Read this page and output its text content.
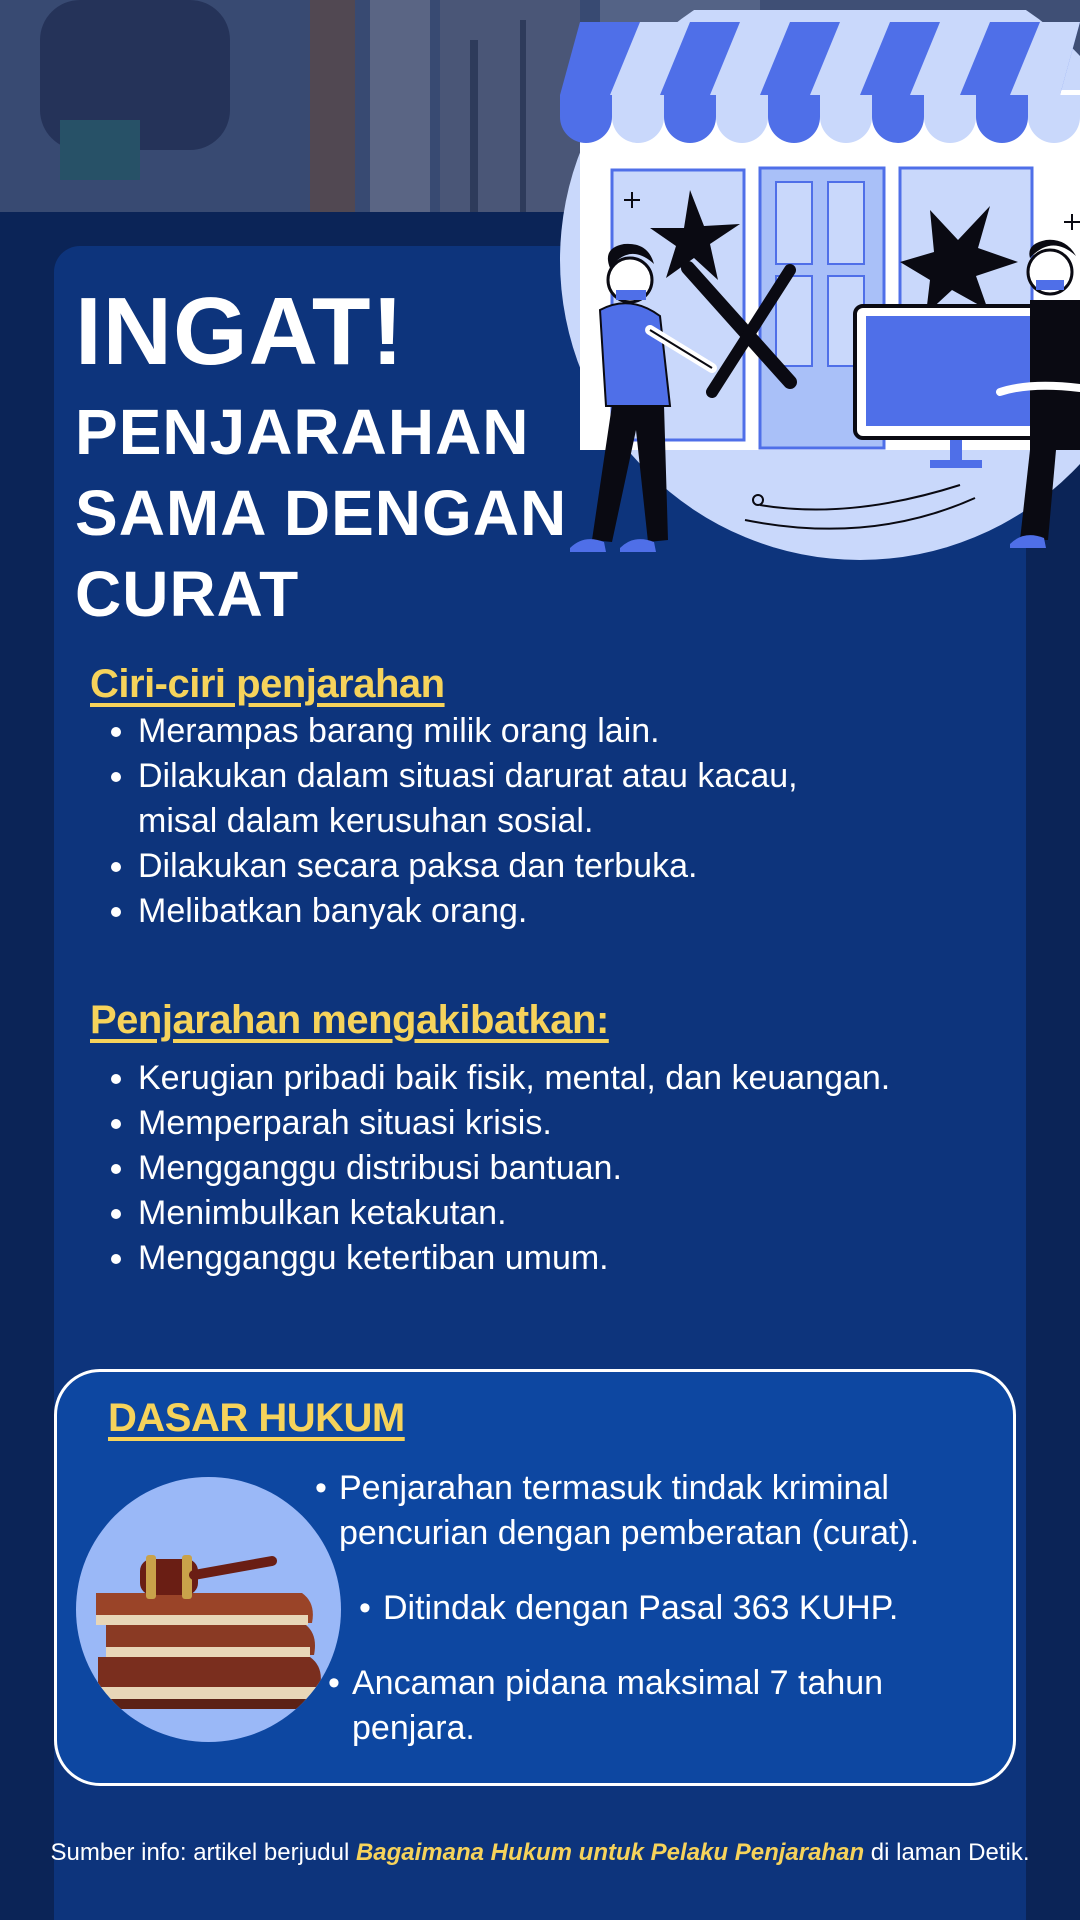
INGAT!
PENJARAHAN
SAMA DENGAN
CURAT
Ciri-ciri penjarahan
• Merampas barang milik orang lain.
• Dilakukan dalam situasi darurat atau kacau, misal dalam kerusuhan sosial.
• Dilakukan secara paksa dan terbuka.
• Melibatkan banyak orang.
Penjarahan mengakibatkan:
• Kerugian pribadi baik fisik, mental, dan keuangan.
• Memperparah situasi krisis.
• Mengganggu distribusi bantuan.
• Menimbulkan ketakutan.
• Mengganggu ketertiban umum.
DASAR HUKUM
• Penjarahan termasuk tindak kriminal pencurian dengan pemberatan (curat).
• Ditindak dengan Pasal 363 KUHP.
• Ancaman pidana maksimal 7 tahun penjara.
Sumber info: artikel berjudul Bagaimana Hukum untuk Pelaku Penjarahan di laman Detik.
